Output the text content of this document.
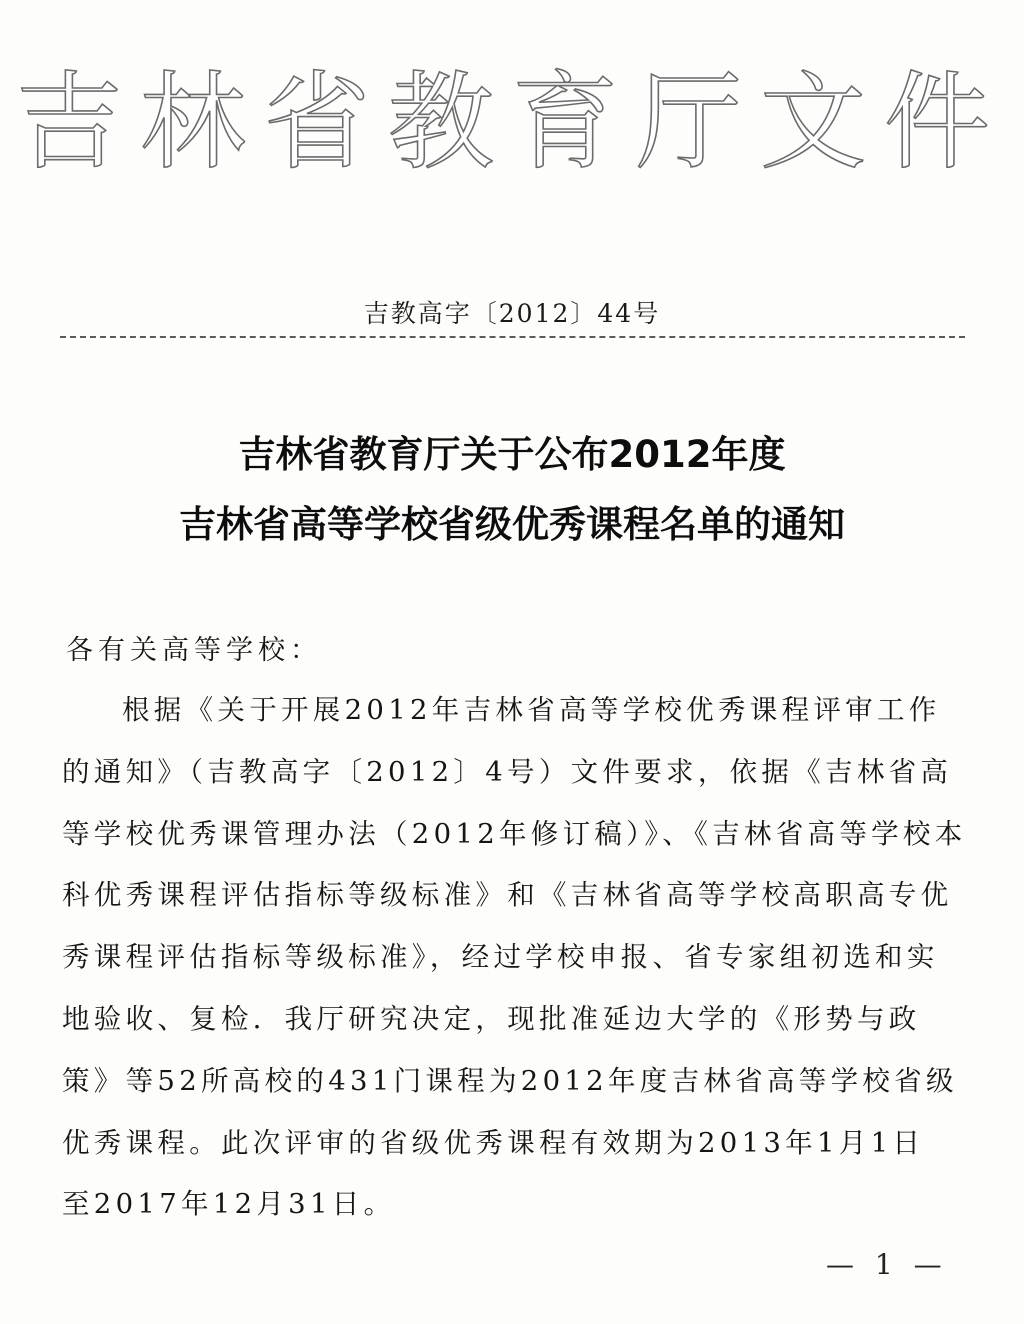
吉林省教育厅文件
吉教高字〔2012〕44号
吉林省教育厅关于公布2012年度
吉林省高等学校省级优秀课程名单的通知
各有关高等学校：
根据《关于开展2012年吉林省高等学校优秀课程评审工作
的通知》（吉教高字〔2012〕4号）文件要求，依据《吉林省高
等学校优秀课管理办法（2012年修订稿）》、《吉林省高等学校本
科优秀课程评估指标等级标准》和《吉林省高等学校高职高专优
秀课程评估指标等级标准》，经过学校申报、省专家组初选和实
地验收、复检．我厅研究决定，现批准延边大学的《形势与政
策》等52所高校的431门课程为2012年度吉林省高等学校省级
优秀课程。此次评审的省级优秀课程有效期为2013年1月1日
至2017年12月31日。
— 1 —
